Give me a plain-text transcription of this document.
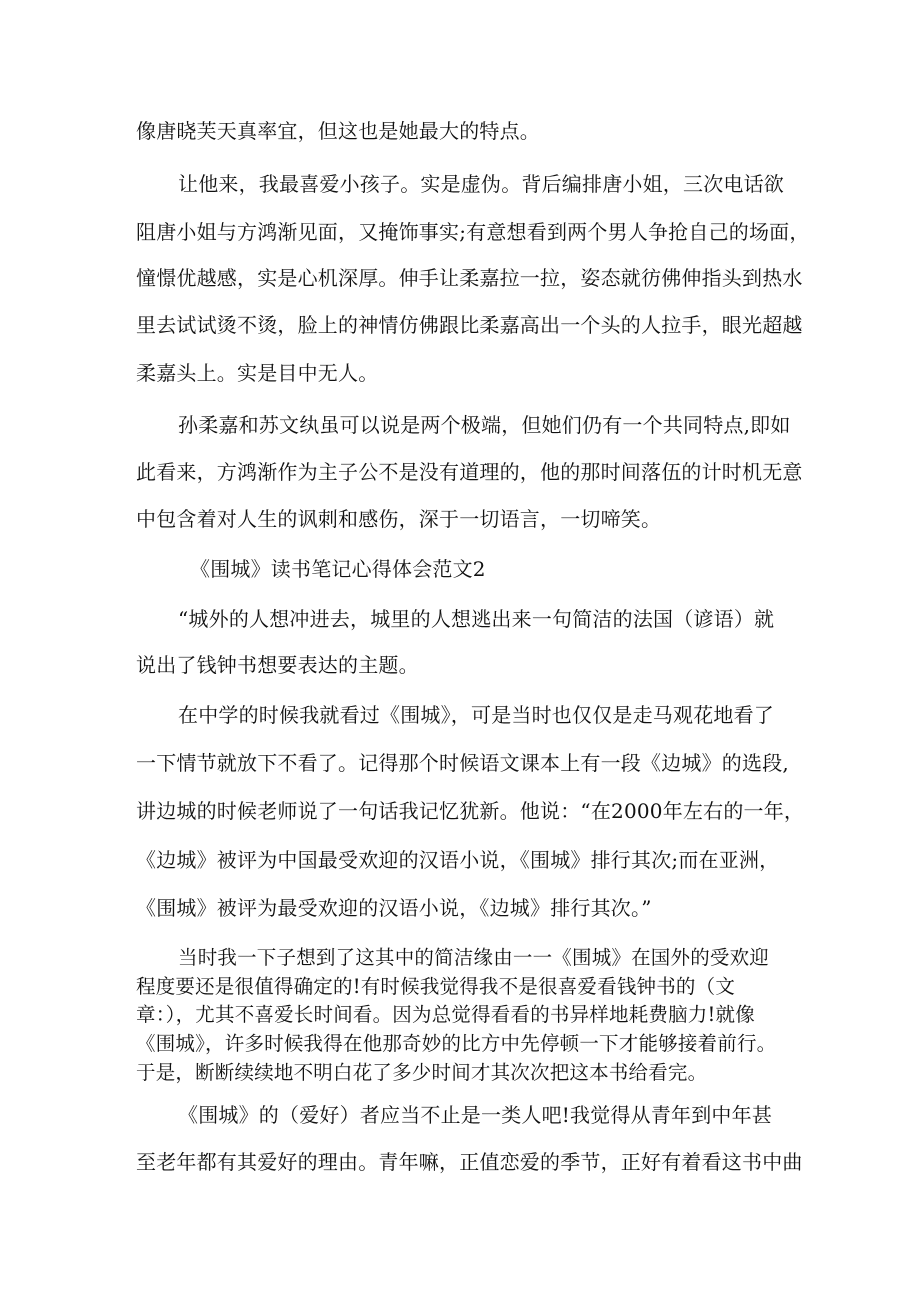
像唐晓芙天真率宜，但这也是她最大的特点。
让他来，我最喜爱小孩子。实是虚伪。背后编排唐小姐，三次电话欲
阻唐小姐与方鸿渐见面，又掩饰事实;有意想看到两个男人争抢自己的场面，
憧憬优越感，实是心机深厚。伸手让柔嘉拉一拉，姿态就彷佛伸指头到热水
里去试试烫不烫，脸上的神情仿佛跟比柔嘉高出一个头的人拉手，眼光超越
柔嘉头上。实是目中无人。
孙柔嘉和苏文纨虽可以说是两个极端，但她们仍有一个共同特点,即如
此看来，方鸿渐作为主子公不是没有道理的，他的那时间落伍的计时机无意
中包含着对人生的讽刺和感伤，深于一切语言，一切啼笑。
《围城》读书笔记心得体会范文2
“城外的人想冲进去，城里的人想逃出来一句简洁的法国（谚语）就
说出了钱钟书想要表达的主题。
在中学的时候我就看过《围城》，可是当时也仅仅是走马观花地看了
一下情节就放下不看了。记得那个时候语文课本上有一段《边城》的选段,
讲边城的时候老师说了一句话我记忆犹新。他说：“在2000年左右的一年，
《边城》被评为中国最受欢迎的汉语小说，《围城》排行其次;而在亚洲，
《围城》被评为最受欢迎的汉语小说，《边城》排行其次。”
当时我一下子想到了这其中的简洁缘由一一《围城》在国外的受欢迎
程度要还是很值得确定的!有时候我觉得我不是很喜爱看钱钟书的（文
章：），尤其不喜爱长时间看。因为总觉得看看的书异样地耗费脑力!就像
《围城》，许多时候我得在他那奇妙的比方中先停顿一下才能够接着前行。
于是，断断续续地不明白花了多少时间才其次次把这本书给看完。
《围城》的（爱好）者应当不止是一类人吧!我觉得从青年到中年甚
至老年都有其爱好的理由。青年嘛，正值恋爱的季节，正好有着看这书中曲
